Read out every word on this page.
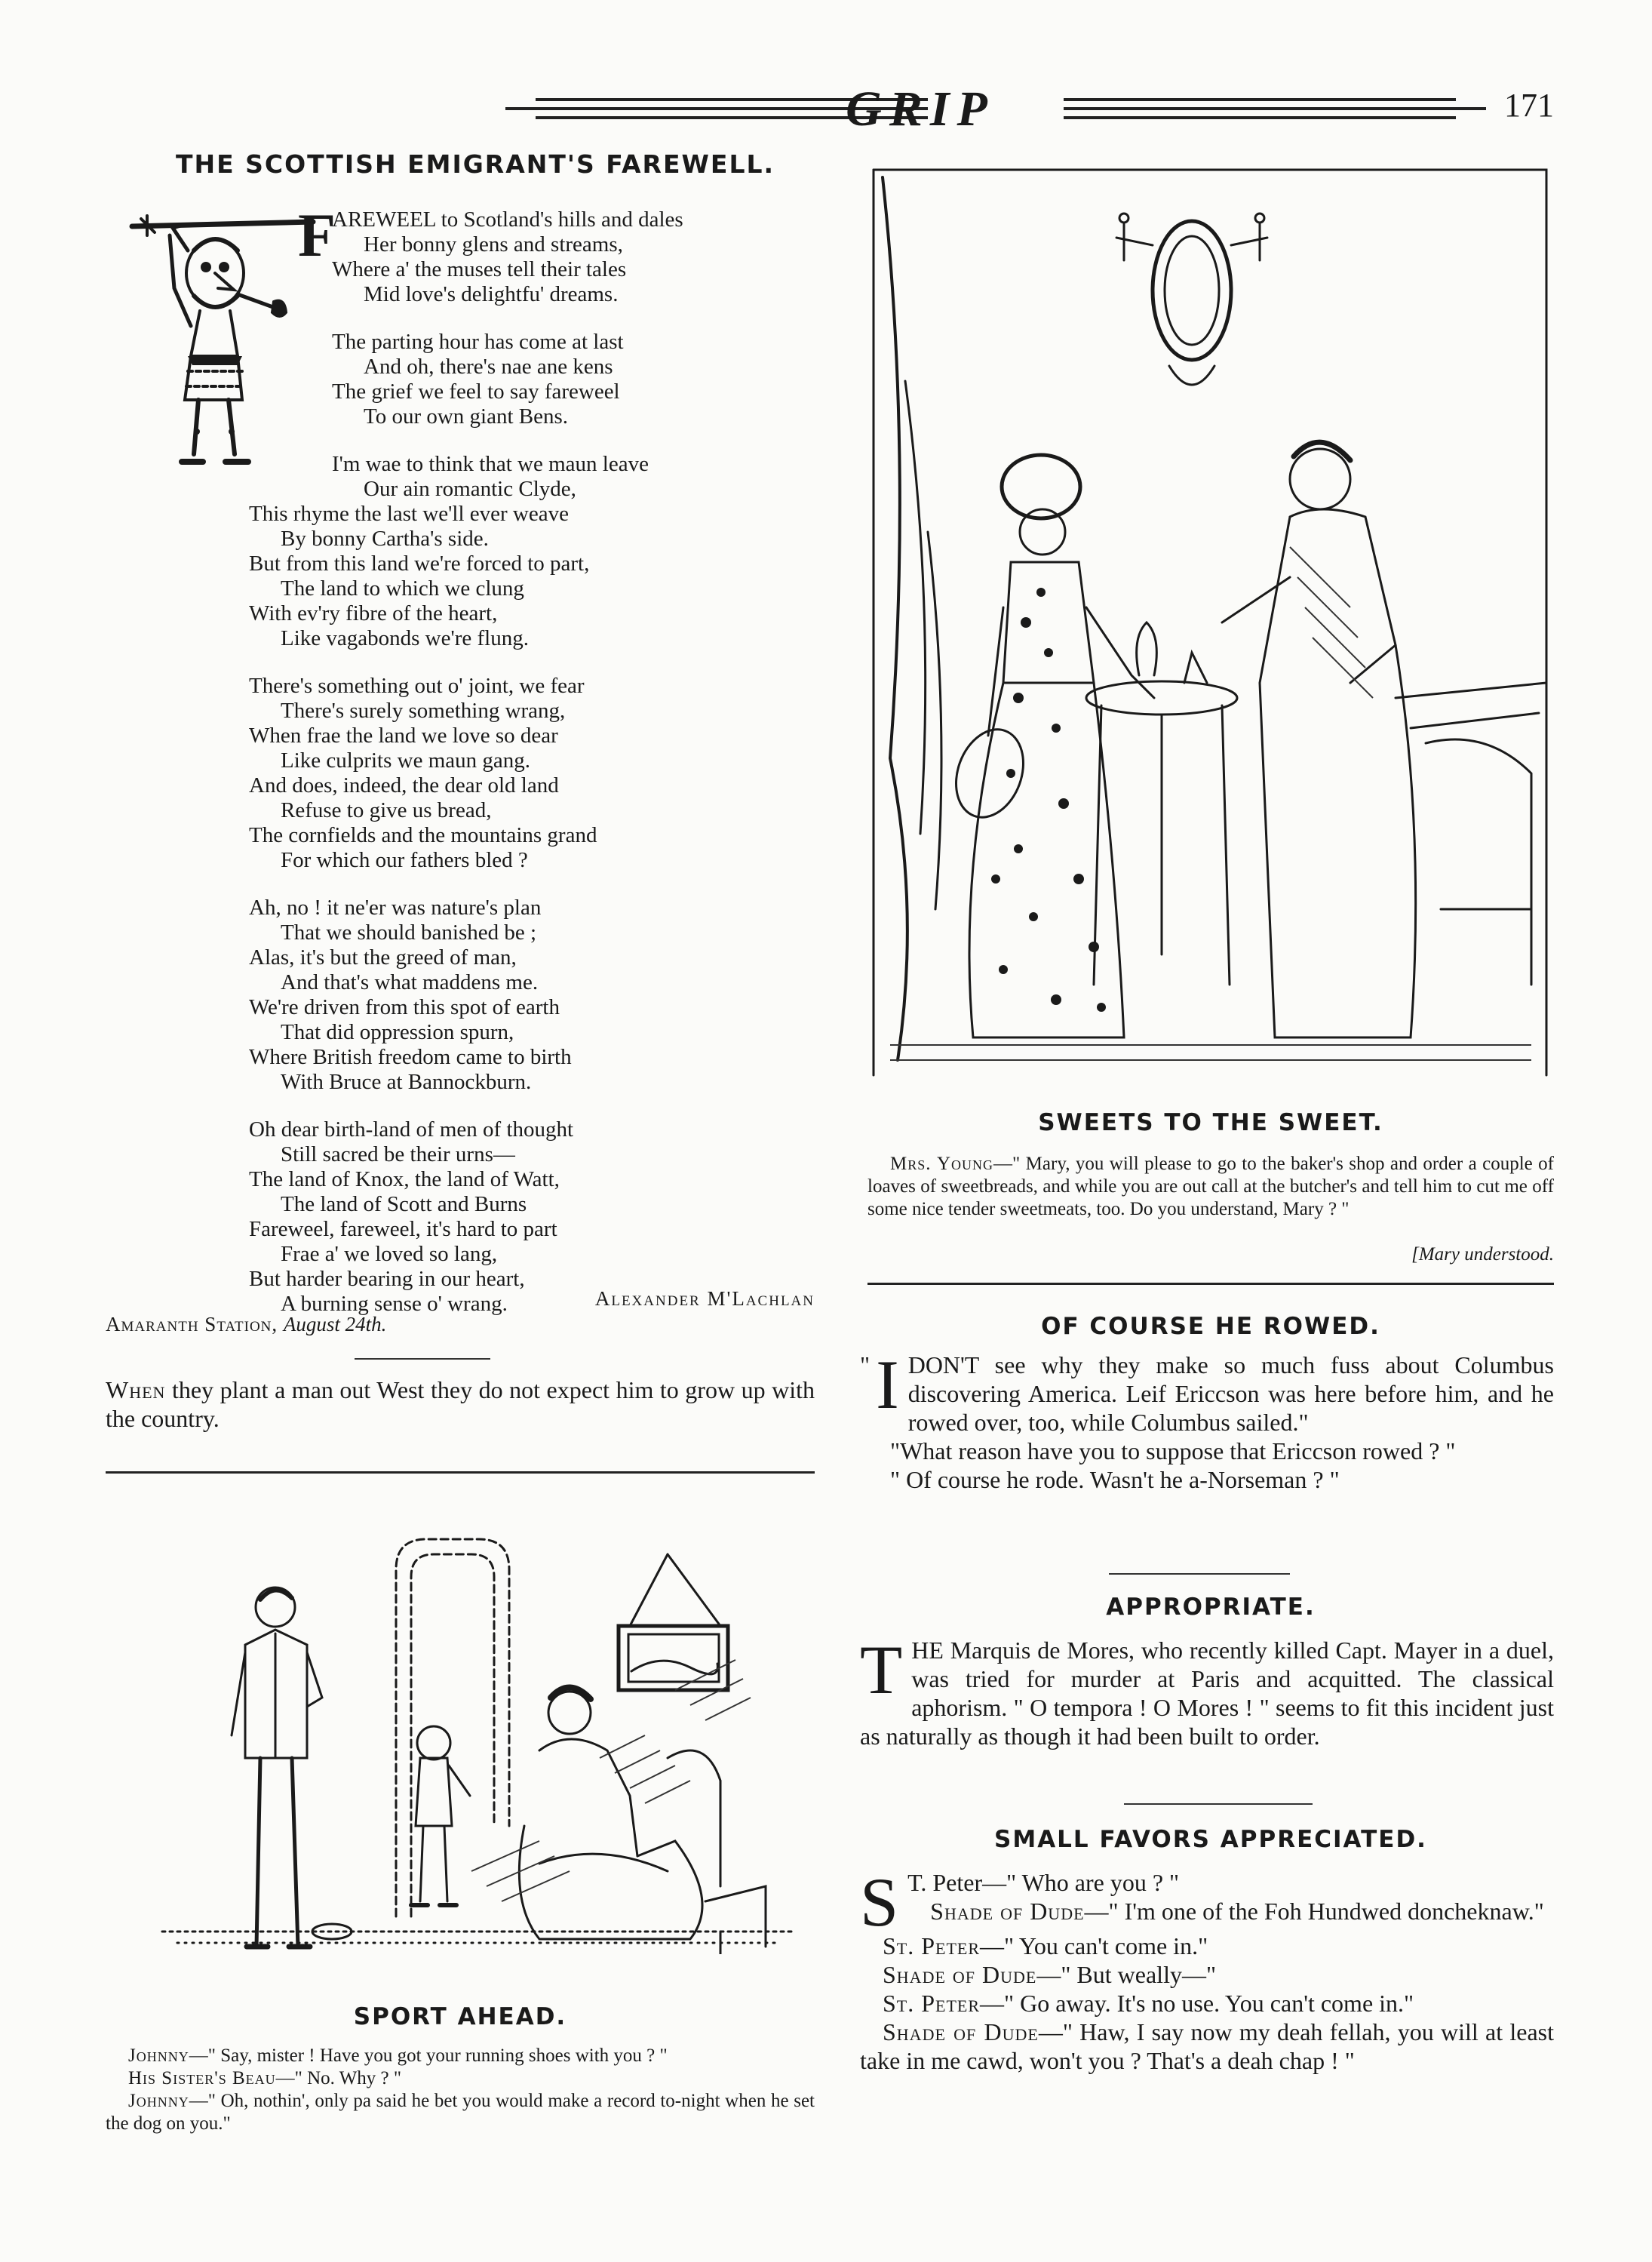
GRIP	171
THE SCOTTISH EMIGRANT'S FAREWELL.
F
AREWEEL to Scotland's hills and dales
Her bonny glens and streams,
Where a' the muses tell their tales
Mid love's delightfu' dreams.
The parting hour has come at last
And oh, there's nae ane kens
The grief we feel to say fareweel
To our own giant Bens.
I'm wae to think that we maun leave
Our ain romantic Clyde,
This rhyme the last we'll ever weave
By bonny Cartha's side.
But from this land we're forced to part,
The land to which we clung
With ev'ry fibre of the heart,
Like vagabonds we're flung.
There's something out o' joint, we fear
There's surely something wrang,
When frae the land we love so dear
Like culprits we maun gang.
And does, indeed, the dear old land
Refuse to give us bread,
The cornfields and the mountains grand
For which our fathers bled ?
Ah, no ! it ne'er was nature's plan
That we should banished be ;
Alas, it's but the greed of man,
And that's what maddens me.
We're driven from this spot of earth
That did oppression spurn,
Where British freedom came to birth
With Bruce at Bannockburn.
Oh dear birth-land of men of thought
Still sacred be their urns—
The land of Knox, the land of Watt,
The land of Scott and Burns
Fareweel, fareweel, it's hard to part
Frae a' we loved so lang,
But harder bearing in our heart,
A burning sense o' wrang.	Alexander M'Lachlan
Amaranth Station, August 24th.
When they plant a man out West they do not expect him to grow up with the country.
SPORT AHEAD.
Johnny—" Say, mister ! Have you got your running shoes with you ? "
His Sister's Beau—" No. Why ? "
Johnny—" Oh, nothin', only pa said he bet you would make a record to-night when he set the dog on you."
SWEETS TO THE SWEET.
Mrs. Young—" Mary, you will please to go to the baker's shop and order a couple of loaves of sweetbreads, and while you are out call at the butcher's and tell him to cut me off some nice tender sweetmeats, too. Do you understand, Mary ? "
[Mary understood.
OF COURSE HE ROWED.
" I DON'T see why they make so much fuss about Columbus discovering America. Leif Ericcson was here before him, and he rowed over, too, while Columbus sailed."
"What reason have you to suppose that Ericcson rowed ? "
" Of course he rode. Wasn't he a-Norseman ? "
APPROPRIATE.
THE Marquis de Mores, who recently killed Capt. Mayer in a duel, was tried for murder at Paris and acquitted. The classical aphorism. " O tempora ! O Mores ! " seems to fit this incident just as naturally as though it had been built to order.
SMALL FAVORS APPRECIATED.
S T. Peter—" Who are you ? "
Shade of Dude—" I'm one of the Foh Hundwed doncheknaw."
St. Peter—" You can't come in."
Shade of Dude—" But weally—"
St. Peter—" Go away. It's no use. You can't come in."
Shade of Dude—" Haw, I say now my deah fellah, you will at least take in me cawd, won't you ? That's a deah chap ! "
